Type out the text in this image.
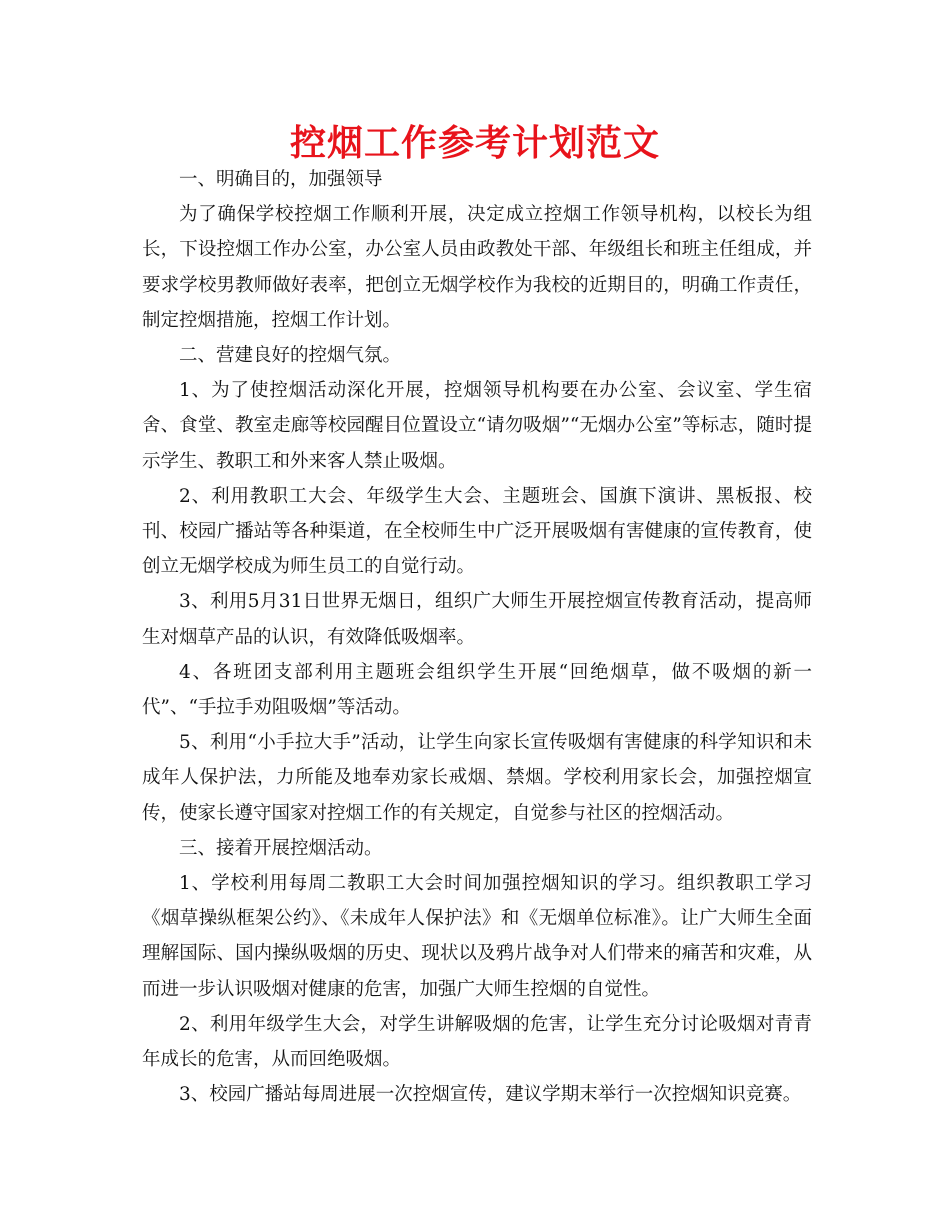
控烟工作参考计划范文

一、明确目的，加强领导

为了确保学校控烟工作顺利开展，决定成立控烟工作领导机构，以校长为组长，下设控烟工作办公室，办公室人员由政教处干部、年级组长和班主任组成，并要求学校男教师做好表率，把创立无烟学校作为我校的近期目的，明确工作责任，制定控烟措施，控烟工作计划。

二、营建良好的控烟气氛。

1、为了使控烟活动深化开展，控烟领导机构要在办公室、会议室、学生宿舍、食堂、教室走廊等校园醒目位置设立“请勿吸烟”“无烟办公室”等标志，随时提示学生、教职工和外来客人禁止吸烟。

2、利用教职工大会、年级学生大会、主题班会、国旗下演讲、黑板报、校刊、校园广播站等各种渠道，在全校师生中广泛开展吸烟有害健康的宣传教育，使创立无烟学校成为师生员工的自觉行动。

3、利用5月31日世界无烟日，组织广大师生开展控烟宣传教育活动，提高师生对烟草产品的认识，有效降低吸烟率。

4、各班团支部利用主题班会组织学生开展“回绝烟草，做不吸烟的新一代”、“手拉手劝阻吸烟”等活动。

5、利用“小手拉大手”活动，让学生向家长宣传吸烟有害健康的科学知识和未成年人保护法，力所能及地奉劝家长戒烟、禁烟。学校利用家长会，加强控烟宣传，使家长遵守国家对控烟工作的有关规定，自觉参与社区的控烟活动。

三、接着开展控烟活动。

1、学校利用每周二教职工大会时间加强控烟知识的学习。组织教职工学习《烟草操纵框架公约》、《未成年人保护法》和《无烟单位标准》。让广大师生全面理解国际、国内操纵吸烟的历史、现状以及鸦片战争对人们带来的痛苦和灾难，从而进一步认识吸烟对健康的危害，加强广大师生控烟的自觉性。

2、利用年级学生大会，对学生讲解吸烟的危害，让学生充分讨论吸烟对青青年成长的危害，从而回绝吸烟。

3、校园广播站每周进展一次控烟宣传，建议学期末举行一次控烟知识竞赛。
